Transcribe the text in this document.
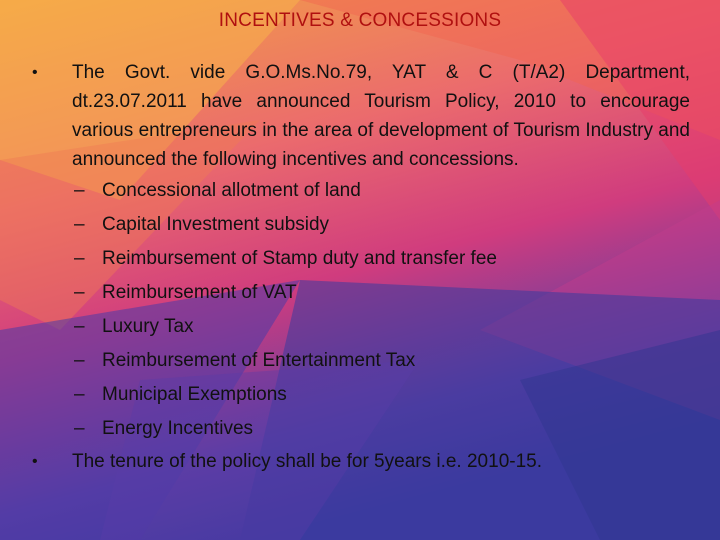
INCENTIVES & CONCESSIONS
•	The Govt. vide G.O.Ms.No.79, YAT & C (T/A2) Department, dt.23.07.2011 have announced Tourism Policy, 2010 to encourage various entrepreneurs in the area of development of Tourism Industry and announced the following incentives and concessions.
– Concessional allotment of land
– Capital Investment subsidy
– Reimbursement of Stamp duty and transfer fee
– Reimbursement of VAT
– Luxury Tax
– Reimbursement of Entertainment Tax
– Municipal Exemptions
– Energy Incentives
•	The tenure of the policy shall be for 5years i.e. 2010-15.
